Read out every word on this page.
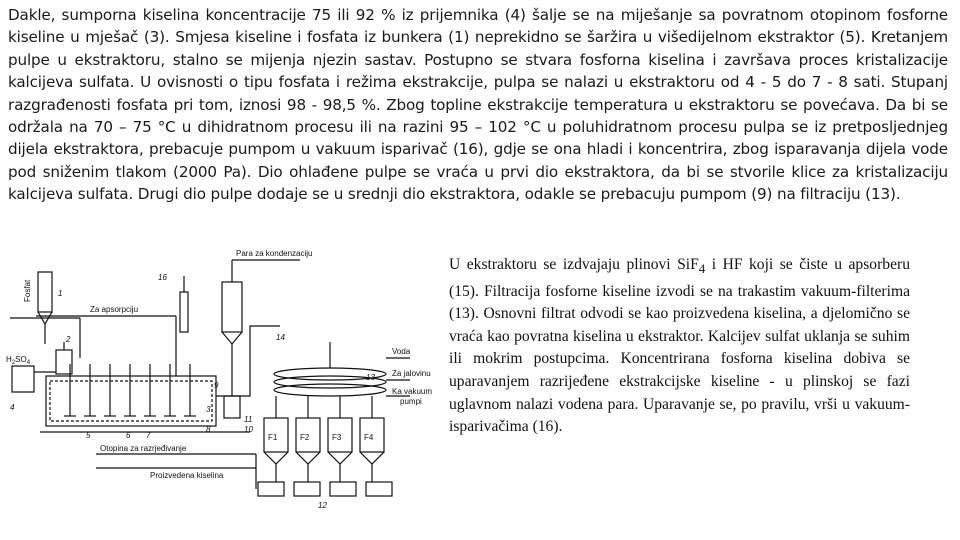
Dakle, sumporna kiselina koncentracije 75 ili 92 % iz prijemnika (4) šalje se na miješanje sa povratnom otopinom fosforne kiseline u mješač (3). Smjesa kiseline i fosfata iz bunkera (1) neprekidno se šaržira u višedijelnom ekstraktor (5). Kretanjem pulpe u ekstraktoru, stalno se mijenja njezin sastav. Postupno se stvara fosforna kiselina i završava proces kristalizacije kalcijeva sulfata. U ovisnosti o tipu fosfata i režima ekstrakcije, pulpa se nalazi u ekstraktoru od 4 - 5 do 7 - 8 sati. Stupanj razgrađenosti fosfata pri tom, iznosi 98 - 98,5 %. Zbog topline ekstrakcije temperatura u ekstraktoru se povećava. Da bi se održala na 70 – 75 °C u dihidratnom procesu ili na razini 95 – 102 °C u poluhidratnom procesu pulpa se iz pretposljednjeg dijela ekstraktora, prebacuje pumpom u vakuum isparivač (16), gdje se ona hladi i koncentrira, zbog isparavanja dijela vode pod sniženim tlakom (2000 Pa). Dio ohlađene pulpe se vraća u prvi dio ekstraktora, da bi se stvorile klice za kristalizaciju kalcijeva sulfata. Drugi dio pulpe dodaje se u srednji dio ekstraktora, odakle se prebacuju pumpom (9) na filtraciju (13).
U ekstraktoru se izdvajaju plinovi SiF$_4$ i HF koji se čiste u apsorberu (15). Filtracija fosforne kiseline izvodi se na trakastim vakuum-filterima (13). Osnovni filtrat odvodi se kao proizvedena kiselina, a djelomično se vraća kao povratna kiselina u ekstraktor. Kalcijev sulfat uklanja se suhim ili mokrim postupcima. Koncentrirana fosforna kiselina dobiva se uparavanjem razrijeđene ekstrakcijske kiseline - u plinskoj se fazi uglavnom nalazi vodena para. Uparavanje se, po pravilu, vrši u vakuum-isparivačima (16).
Fosfat
Para za kondenzaciju
Za apsorpciju
$H_2SO_4$
Voda
Za jalovinu
Ka vakuum
pumpi
Otopina za razrjeđivanje
Proizvedena kiselina
F1	F2	F3	F4
1
2
3
4
5	6 7
8
9
10
11
12
13
14
16
